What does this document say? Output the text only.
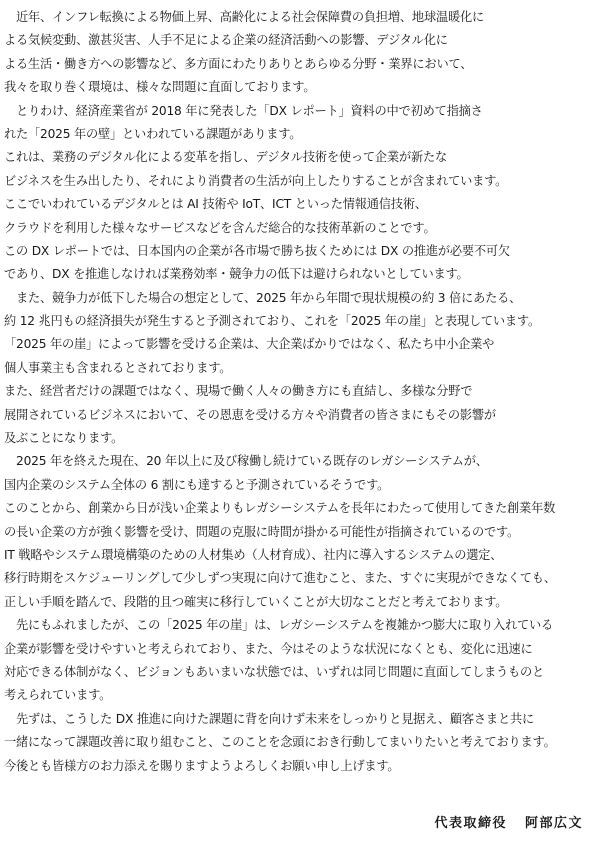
　近年、インフレ転換による物価上昇、高齢化による社会保障費の負担増、地球温暖化に
よる気候変動、激甚災害、人手不足による企業の経済活動への影響、デジタル化に
よる生活・働き方への影響など、多方面にわたりありとあらゆる分野・業界において、
我々を取り巻く環境は、様々な問題に直面しております。
　とりわけ、経済産業省が 2018 年に発表した「DX レポート」資料の中で初めて指摘さ
れた「2025 年の壁」といわれている課題があります。
これは、業務のデジタル化による変革を指し、デジタル技術を使って企業が新たな
ビジネスを生み出したり、それにより消費者の生活が向上したりすることが含まれています。
ここでいわれているデジタルとは AI 技術や IoT、ICT といった情報通信技術、
クラウドを利用した様々なサービスなどを含んだ総合的な技術革新のことです。
この DX レポートでは、日本国内の企業が各市場で勝ち抜くためには DX の推進が必要不可欠
であり、DX を推進しなければ業務効率・競争力の低下は避けられないとしています。
　また、競争力が低下した場合の想定として、2025 年から年間で現状規模の約 3 倍にあたる、
約 12 兆円もの経済損失が発生すると予測されており、これを「2025 年の崖」と表現しています。
「2025 年の崖」によって影響を受ける企業は、大企業ばかりではなく、私たち中小企業や
個人事業主も含まれるとされております。
また、経営者だけの課題ではなく、現場で働く人々の働き方にも直結し、多様な分野で
展開されているビジネスにおいて、その恩恵を受ける方々や消費者の皆さまにもその影響が
及ぶことになります。
　2025 年を終えた現在、20 年以上に及び稼働し続けている既存のレガシーシステムが、
国内企業のシステム全体の 6 割にも達すると予測されているそうです。
このことから、創業から日が浅い企業よりもレガシーシステムを長年にわたって使用してきた創業年数
の長い企業の方が強く影響を受け、問題の克服に時間が掛かる可能性が指摘されているのです。
IT 戦略やシステム環境構築のための人材集め（人材育成）、社内に導入するシステムの選定、
移行時期をスケジューリングして少しずつ実現に向けて進むこと、また、すぐに実現ができなくても、
正しい手順を踏んで、段階的且つ確実に移行していくことが大切なことだと考えております。
　先にもふれましたが、この「2025 年の崖」は、レガシーシステムを複雑かつ膨大に取り入れている
企業が影響を受けやすいと考えられており、また、今はそのような状況になくとも、変化に迅速に
対応できる体制がなく、ビジョンもあいまいな状態では、いずれは同じ問題に直面してしまうものと
考えられています。
　先ずは、こうした DX 推進に向けた課題に背を向けず未来をしっかりと見据え、顧客さまと共に
一緒になって課題改善に取り組むこと、このことを念頭におき行動してまいりたいと考えております。
今後とも皆様方のお力添えを賜りますようよろしくお願い申し上げます。
代表取締役 阿部広文
